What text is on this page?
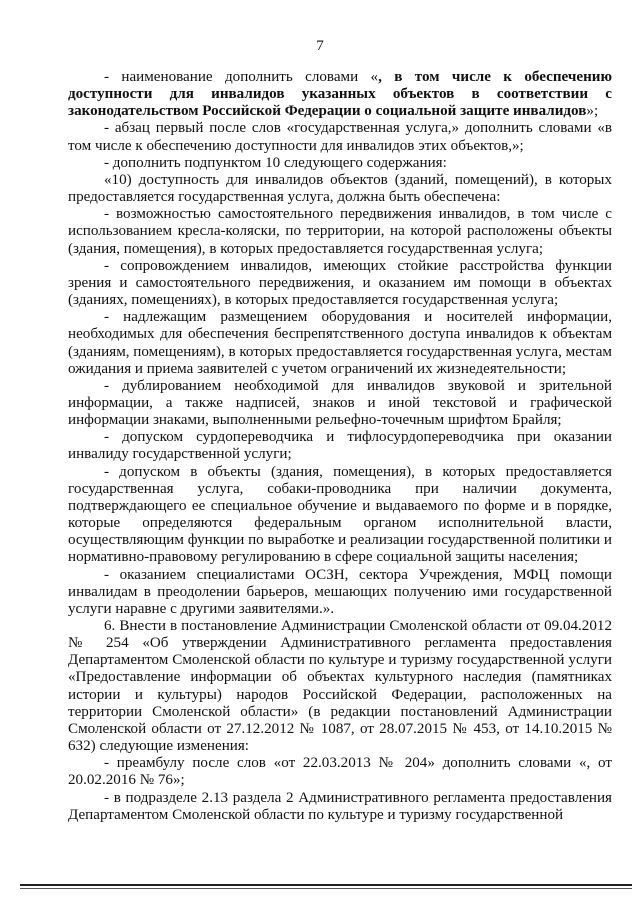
7

- наименование дополнить словами «, в том числе к обеспечению доступности для инвалидов указанных объектов в соответствии с законодательством Российской Федерации о социальной защите инвалидов»;

- абзац первый после слов «государственная услуга,» дополнить словами «в том числе к обеспечению доступности для инвалидов этих объектов,»;

- дополнить подпунктом 10 следующего содержания:

«10) доступность для инвалидов объектов (зданий, помещений), в которых предоставляется государственная услуга, должна быть обеспечена:

- возможностью самостоятельного передвижения инвалидов, в том числе с использованием кресла-коляски, по территории, на которой расположены объекты (здания, помещения), в которых предоставляется государственная услуга;

- сопровождением инвалидов, имеющих стойкие расстройства функции зрения и самостоятельного передвижения, и оказанием им помощи в объектах (зданиях, помещениях), в которых предоставляется государственная услуга;

- надлежащим размещением оборудования и носителей информации, необходимых для обеспечения беспрепятственного доступа инвалидов к объектам (зданиям, помещениям), в которых предоставляется государственная услуга, местам ожидания и приема заявителей с учетом ограничений их жизнедеятельности;

- дублированием необходимой для инвалидов звуковой и зрительной информации, а также надписей, знаков и иной текстовой и графической информации знаками, выполненными рельефно-точечным шрифтом Брайля;

- допуском сурдопереводчика и тифлосурдопереводчика при оказании инвалиду государственной услуги;

- допуском в объекты (здания, помещения), в которых предоставляется государственная услуга, собаки-проводника при наличии документа, подтверждающего ее специальное обучение и выдаваемого по форме и в порядке, которые определяются федеральным органом исполнительной власти, осуществляющим функции по выработке и реализации государственной политики и нормативно-правовому регулированию в сфере социальной защиты населения;

- оказанием специалистами ОСЗН, сектора Учреждения, МФЦ помощи инвалидам в преодолении барьеров, мешающих получению ими государственной услуги наравне с другими заявителями.».

6. Внести в постановление Администрации Смоленской области от 09.04.2012 № 254 «Об утверждении Административного регламента предоставления Департаментом Смоленской области по культуре и туризму государственной услуги «Предоставление информации об объектах культурного наследия (памятниках истории и культуры) народов Российской Федерации, расположенных на территории Смоленской области» (в редакции постановлений Администрации Смоленской области от 27.12.2012 № 1087, от 28.07.2015 № 453, от 14.10.2015 № 632) следующие изменения:

- преамбулу после слов «от 22.03.2013 № 204» дополнить словами «, от 20.02.2016 № 76»;

- в подразделе 2.13 раздела 2 Административного регламента предоставления Департаментом Смоленской области по культуре и туризму государственной
